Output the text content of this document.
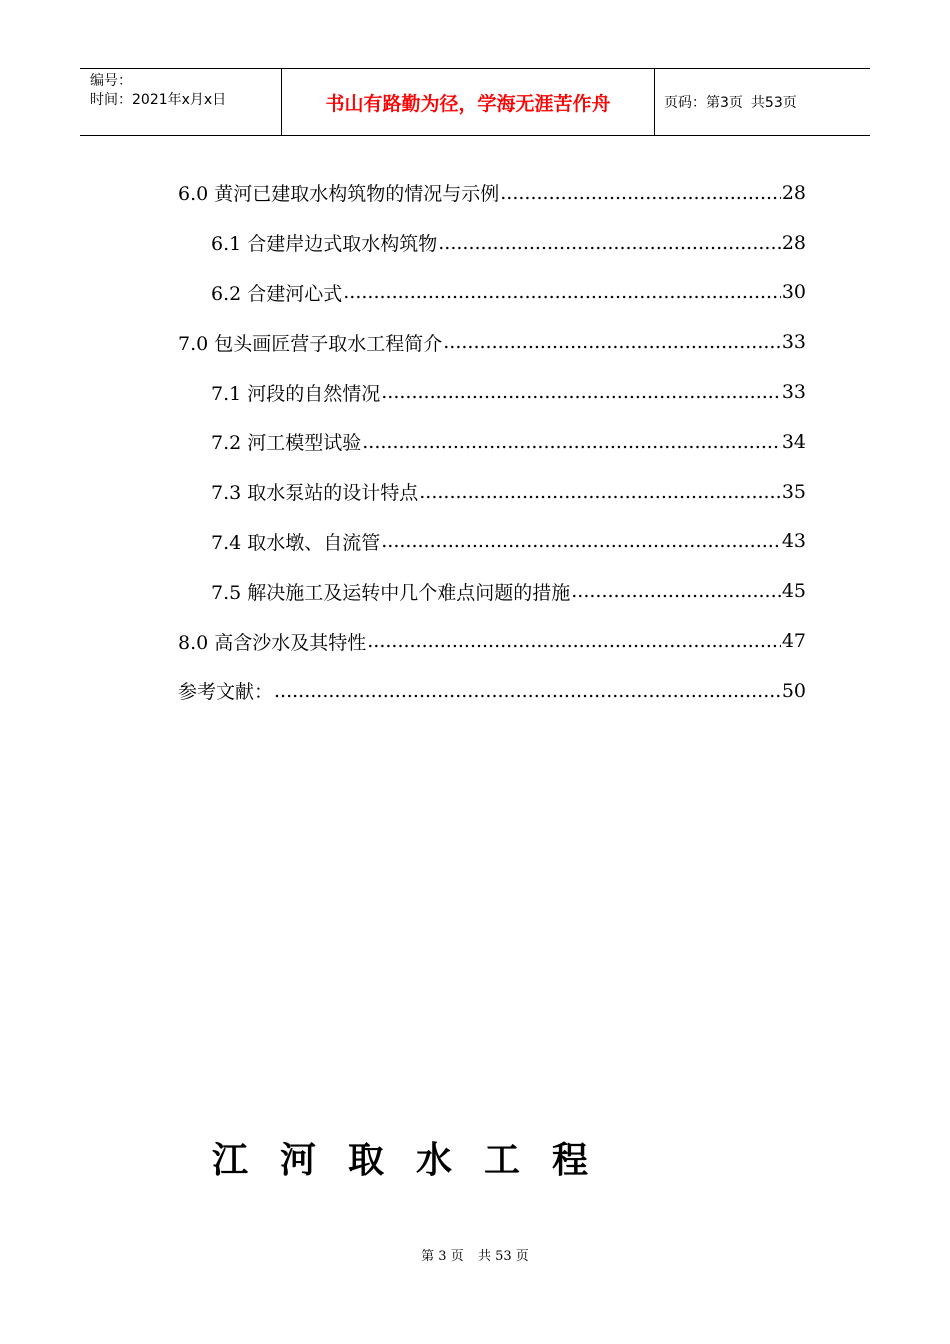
编号：
时间：2021年x月x日	书山有路勤为径，学海无涯苦作舟	页码：第3页 共53页
6.0 黄河已建取水构筑物的情况与示例 .....	28
6.1 合建岸边式取水构筑物 .....	28
6.2 合建河心式 .....	30
7.0 包头画匠营子取水工程简介 .....	33
7.1 河段的自然情况 .....	33
7.2 河工模型试验 .....	34
7.3 取水泵站的设计特点 .....	35
7.4 取水墩、自流管 .....	43
7.5 解决施工及运转中几个难点问题的措施 .....	45
8.0 高含沙水及其特性 .....	47
参考文献： .....	50
江河取水工程
第 3 页 共 53 页
